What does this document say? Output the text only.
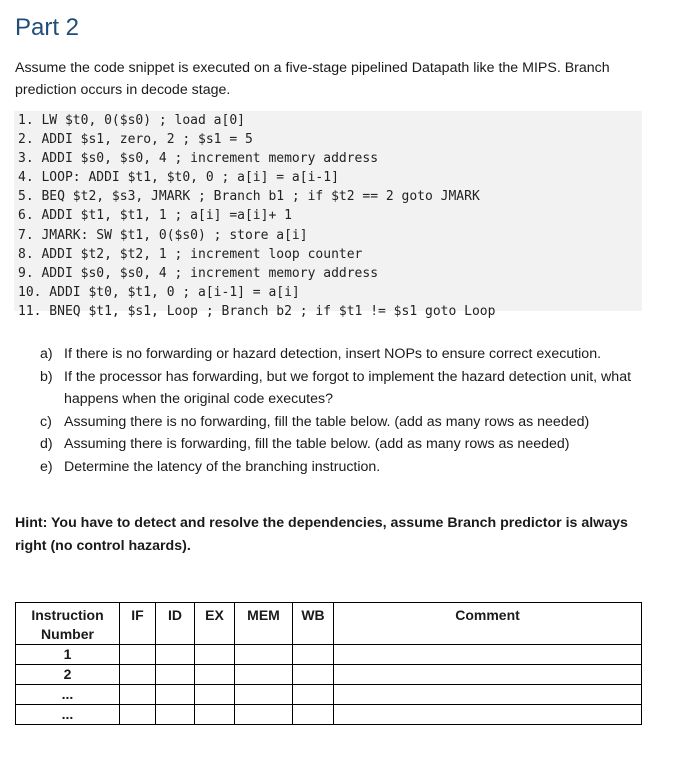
Part 2

Assume the code snippet is executed on a five-stage pipelined Datapath like the MIPS. Branch prediction occurs in decode stage.

1. LW $t0, 0($s0) ; load a[0]
2. ADDI $s1, zero, 2 ; $s1 = 5
3. ADDI $s0, $s0, 4 ; increment memory address
4. LOOP: ADDI $t1, $t0, 0 ; a[i] = a[i-1]
5. BEQ $t2, $s3, JMARK ; Branch b1 ; if $t2 == 2 goto JMARK
6. ADDI $t1, $t1, 1 ; a[i] =a[i]+ 1
7. JMARK: SW $t1, 0($s0) ; store a[i]
8. ADDI $t2, $t2, 1 ; increment loop counter
9. ADDI $s0, $s0, 4 ; increment memory address
10. ADDI $t0, $t1, 0 ; a[i-1] = a[i]
11. BNEQ $t1, $s1, Loop ; Branch b2 ; if $t1 != $s1 goto Loop
a) If there is no forwarding or hazard detection, insert NOPs to ensure correct execution.
b) If the processor has forwarding, but we forgot to implement the hazard detection unit, what happens when the original code executes?
c) Assuming there is no forwarding, fill the table below. (add as many rows as needed)
d) Assuming there is forwarding, fill the table below. (add as many rows as needed)
e) Determine the latency of the branching instruction.

Hint: You have to detect and resolve the dependencies, assume Branch predictor is always right (no control hazards).

Instruction Number	IF	ID	EX	MEM	WB	Comment
1						
2						
...						
...						
